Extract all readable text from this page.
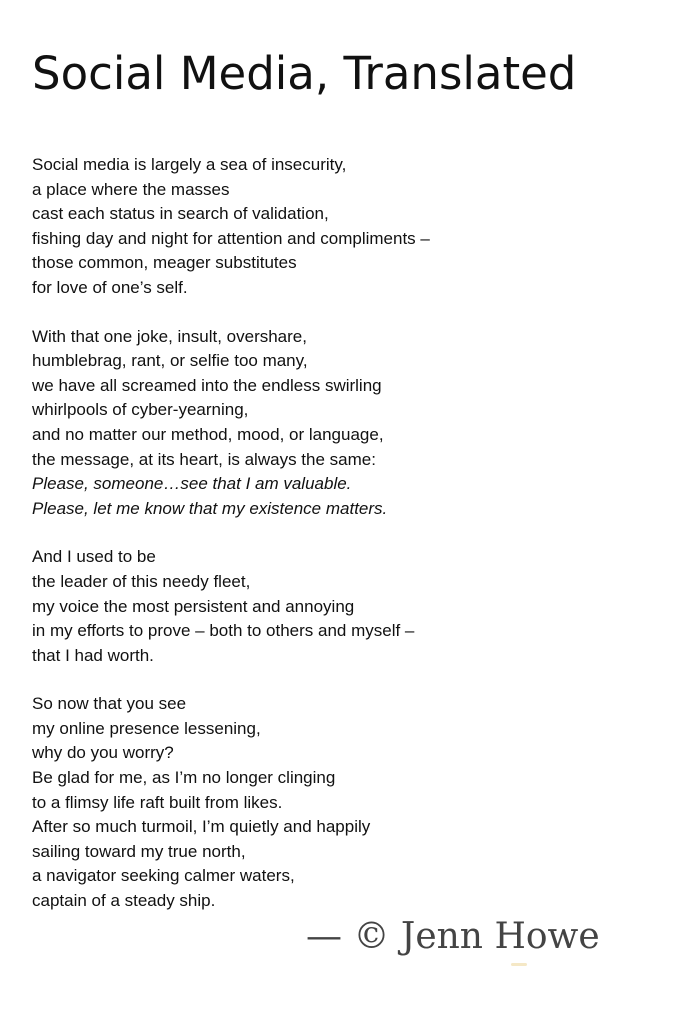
Social Media, Translated
Social media is largely a sea of insecurity,
a place where the masses
cast each status in search of validation,
fishing day and night for attention and compliments –
those common, meager substitutes
for love of one’s self.
With that one joke, insult, overshare,
humblebrag, rant, or selfie too many,
we have all screamed into the endless swirling
whirlpools of cyber-yearning,
and no matter our method, mood, or language,
the message, at its heart, is always the same:
Please, someone…see that I am valuable.
Please, let me know that my existence matters.
And I used to be
the leader of this needy fleet,
my voice the most persistent and annoying
in my efforts to prove – both to others and myself –
that I had worth.
So now that you see
my online presence lessening,
why do you worry?
Be glad for me, as I’m no longer clinging
to a flimsy life raft built from likes.
After so much turmoil, I’m quietly and happily
sailing toward my true north,
a navigator seeking calmer waters,
captain of a steady ship.
— © Jenn Howe
